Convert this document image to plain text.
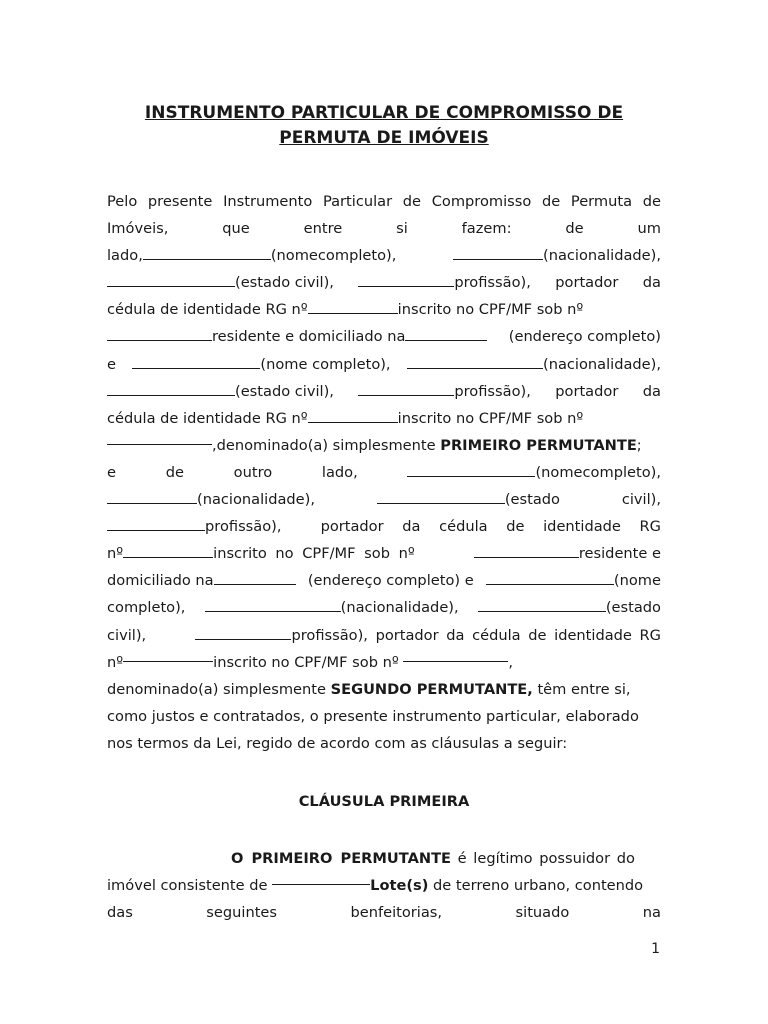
INSTRUMENTO PARTICULAR DE COMPROMISSO DE
PERMUTA DE IMÓVEIS
Pelo presente Instrumento Particular de Compromisso de Permuta de
Imóveis,	que	entre	si	fazem:	de	um
lado,	(nomecompleto),	(nacionalidade),
(estado civil),	profissão), portador da
cédula de identidade RG nº	inscrito no CPF/MF sob nº
residente e domiciliado na	(endereço completo)
e	(nome completo),	(nacionalidade),
(estado civil),	profissão), portador da
cédula de identidade RG nº	inscrito no CPF/MF sob nº
,denominado(a) simplesmente PRIMEIRO PERMUTANTE ;
e	de	outro	lado,	(nomecompleto),
(nacionalidade),	(estado	civil),
profissão),	portador da cédula de identidade RG
nº	inscrito no CPF/MF sob nº	residente e
domiciliado na	(endereço completo) e	(nome
completo),	(nacionalidade),	(estado
civil),	profissão), portador da cédula de identidade RG
nº	inscrito no CPF/MF sob nº
	,
denominado(a) simplesmente SEGUNDO PERMUTANTE, têm entre si,
como justos e contratados, o presente instrumento particular, elaborado
nos termos da Lei, regido de acordo com as cláusulas a seguir:
CLÁUSULA PRIMEIRA
O PRIMEIRO PERMUTANTE é legítimo possuidor do
imóvel consistente de	Lote(s) de terreno urbano, contendo
das	seguintes	benfeitorias,	situado	na
1
